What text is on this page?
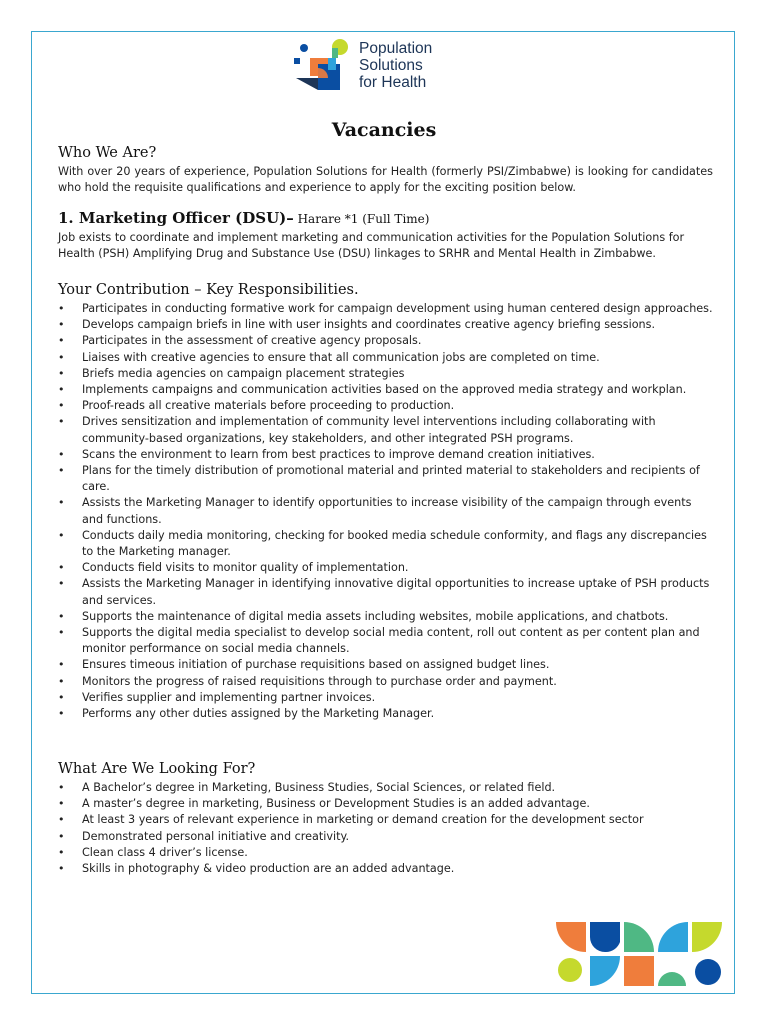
Population
Solutions
for Health
Vacancies
Who We Are?
With over 20 years of experience, Population Solutions for Health (formerly PSI/Zimbabwe) is looking for candidates who hold the requisite qualifications and experience to apply for the exciting position below.
1. Marketing Officer (DSU)– Harare *1 (Full Time)
Job exists to coordinate and implement marketing and communication activities for the Population Solutions for Health (PSH) Amplifying Drug and Substance Use (DSU) linkages to SRHR and Mental Health in Zimbabwe.
Your Contribution – Key Responsibilities.
• Participates in conducting formative work for campaign development using human centered design approaches.
• Develops campaign briefs in line with user insights and coordinates creative agency briefing sessions.
• Participates in the assessment of creative agency proposals.
• Liaises with creative agencies to ensure that all communication jobs are completed on time.
• Briefs media agencies on campaign placement strategies
• Implements campaigns and communication activities based on the approved media strategy and workplan.
• Proof-reads all creative materials before proceeding to production.
• Drives sensitization and implementation of community level interventions including collaborating with community-based organizations, key stakeholders, and other integrated PSH programs.
• Scans the environment to learn from best practices to improve demand creation initiatives.
• Plans for the timely distribution of promotional material and printed material to stakeholders and recipients of care.
• Assists the Marketing Manager to identify opportunities to increase visibility of the campaign through events and functions.
• Conducts daily media monitoring, checking for booked media schedule conformity, and flags any discrepancies to the Marketing manager.
• Conducts field visits to monitor quality of implementation.
• Assists the Marketing Manager in identifying innovative digital opportunities to increase uptake of PSH products and services.
• Supports the maintenance of digital media assets including websites, mobile applications, and chatbots.
• Supports the digital media specialist to develop social media content, roll out content as per content plan and monitor performance on social media channels.
• Ensures timeous initiation of purchase requisitions based on assigned budget lines.
• Monitors the progress of raised requisitions through to purchase order and payment.
• Verifies supplier and implementing partner invoices.
• Performs any other duties assigned by the Marketing Manager.
What Are We Looking For?
• A Bachelor’s degree in Marketing, Business Studies, Social Sciences, or related field.
• A master’s degree in marketing, Business or Development Studies is an added advantage.
• At least 3 years of relevant experience in marketing or demand creation for the development sector
• Demonstrated personal initiative and creativity.
• Clean class 4 driver’s license.
• Skills in photography & video production are an added advantage.
